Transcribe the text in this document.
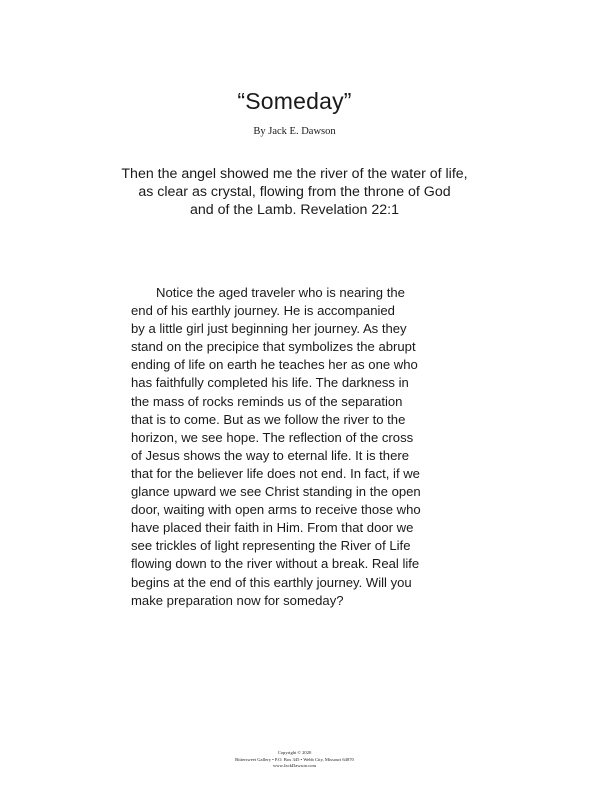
“Someday”

By Jack E. Dawson

Then the angel showed me the river of the water of life,
as clear as crystal, flowing from the throne of God
and of the Lamb. Revelation 22:1

Notice the aged traveler who is nearing the
end of his earthly journey. He is accompanied
by a little girl just beginning her journey. As they
stand on the precipice that symbolizes the abrupt
ending of life on earth he teaches her as one who
has faithfully completed his life. The darkness in
the mass of rocks reminds us of the separation
that is to come. But as we follow the river to the
horizon, we see hope. The reflection of the cross
of Jesus shows the way to eternal life. It is there
that for the believer life does not end. In fact, if we
glance upward we see Christ standing in the open
door, waiting with open arms to receive those who
have placed their faith in Him. From that door we
see trickles of light representing the River of Life
flowing down to the river without a break. Real life
begins at the end of this earthly journey. Will you
make preparation now for someday?

Copyright © 2020
Bittersweet Gallery • P.O. Box 345 • Webb City, Missouri 64870
www.JackDawson.com
